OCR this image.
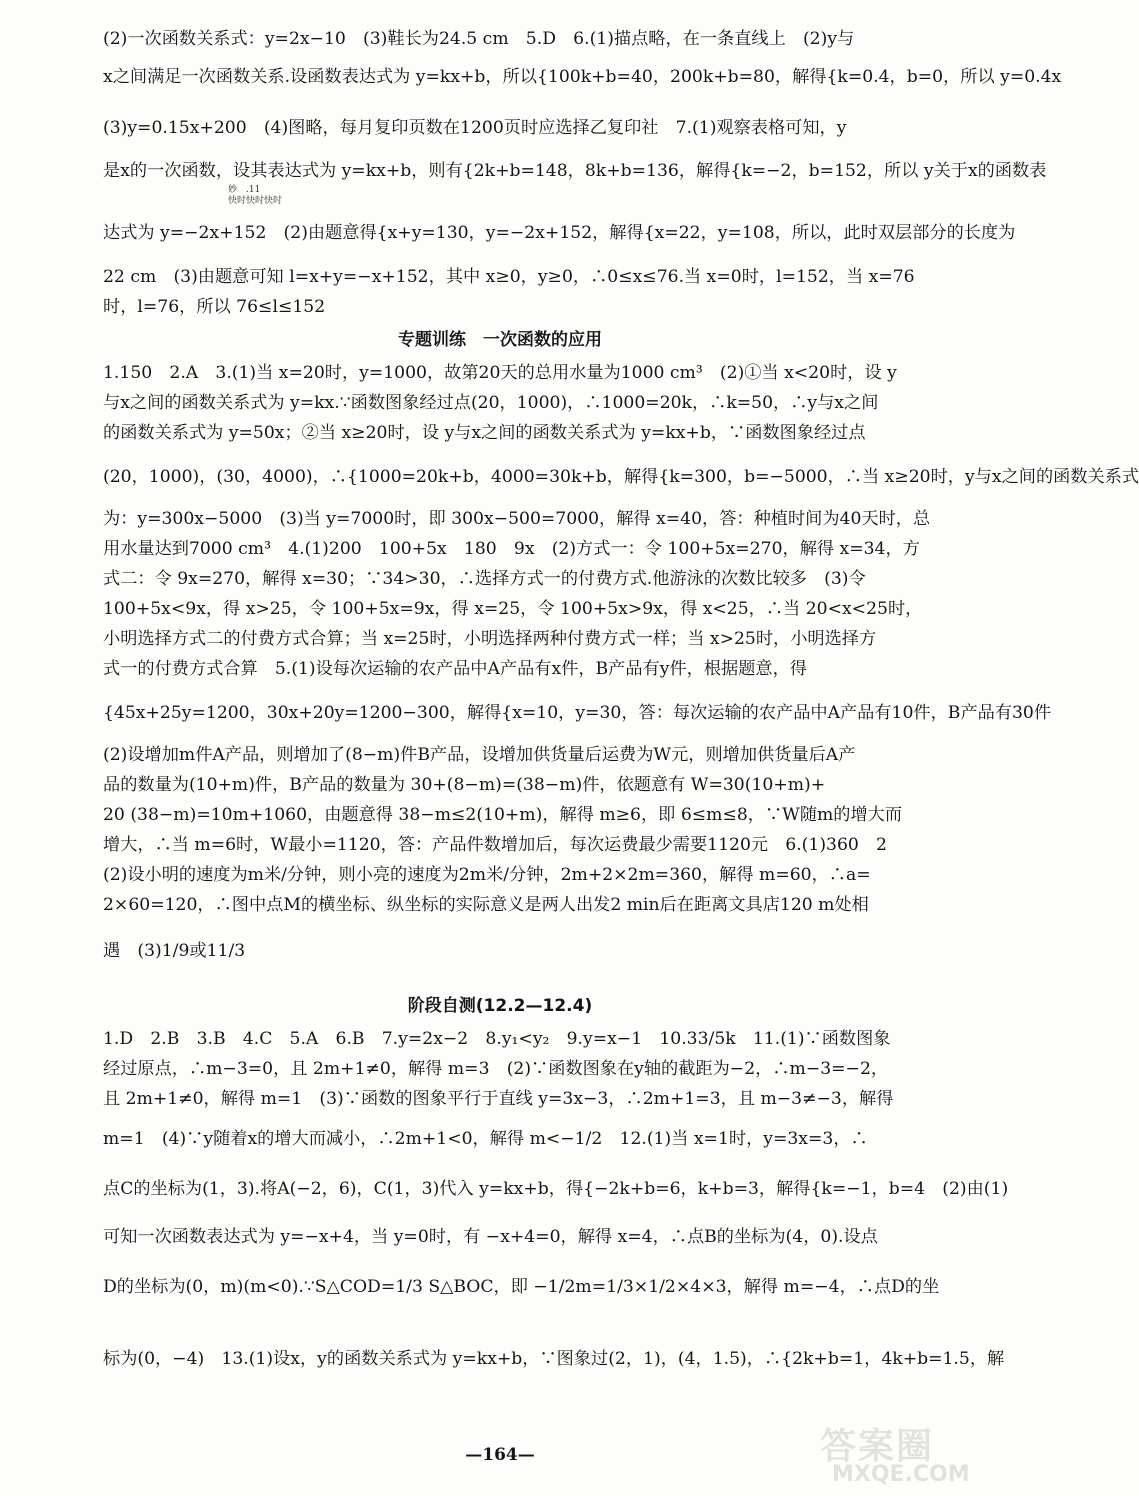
(2)一次函数关系式：y=2x−10　(3)鞋长为24.5 cm　5.D　6.(1)描点略，在一条直线上　(2)y与
x之间满足一次函数关系.设函数表达式为 y=kx+b，所以{100k+b=40，200k+b=80，解得{k=0.4，b=0，所以 y=0.4x
(3)y=0.15x+200　(4)图略，每月复印页数在1200页时应选择乙复印社　7.(1)观察表格可知，y
是x的一次函数，设其表达式为 y=kx+b，则有{2k+b=148，8k+b=136，解得{k=−2，b=152，所以 y关于x的函数表
达式为 y=−2x+152　(2)由题意得{x+y=130，y=−2x+152，解得{x=22，y=108，所以，此时双层部分的长度为
22 cm　(3)由题意可知 l=x+y=−x+152，其中 x≥0，y≥0，∴0≤x≤76.当 x=0时，l=152，当 x=76
时，l=76，所以 76≤l≤152
1.150　2.A　3.(1)当 x=20时，y=1000，故第20天的总用水量为1000 cm³　(2)①当 x<20时，设 y
与x之间的函数关系式为 y=kx.∵函数图象经过点(20，1000)，∴1000=20k，∴k=50，∴y与x之间
的函数关系式为 y=50x；②当 x≥20时，设 y与x之间的函数关系式为 y=kx+b，∵函数图象经过点
(20，1000)，(30，4000)，∴{1000=20k+b，4000=30k+b，解得{k=300，b=−5000，∴当 x≥20时，y与x之间的函数关系式
为：y=300x−5000　(3)当 y=7000时，即 300x−500=7000，解得 x=40，答：种植时间为40天时，总
用水量达到7000 cm³　4.(1)200　100+5x　180　9x　(2)方式一：令 100+5x=270，解得 x=34，方
式二：令 9x=270，解得 x=30；∵34>30，∴选择方式一的付费方式.他游泳的次数比较多　(3)令
100+5x<9x，得 x>25，令 100+5x=9x，得 x=25，令 100+5x>9x，得 x<25，∴当 20<x<25时，
小明选择方式二的付费方式合算；当 x=25时，小明选择两种付费方式一样；当 x>25时，小明选择方
式一的付费方式合算　5.(1)设每次运输的农产品中A产品有x件，B产品有y件，根据题意，得
{45x+25y=1200，30x+20y=1200−300，解得{x=10，y=30，答：每次运输的农产品中A产品有10件，B产品有30件
(2)设增加m件A产品，则增加了(8−m)件B产品，设增加供货量后运费为W元，则增加供货量后A产
品的数量为(10+m)件，B产品的数量为 30+(8−m)=(38−m)件，依题意有 W=30(10+m)+
20 (38−m)=10m+1060，由题意得 38−m≤2(10+m)，解得 m≥6，即 6≤m≤8，∵W随m的增大而
增大，∴当 m=6时，W最小=1120，答：产品件数增加后，每次运费最少需要1120元　6.(1)360　2
(2)设小明的速度为m米/分钟，则小亮的速度为2m米/分钟，2m+2×2m=360，解得 m=60，∴a=
2×60=120，∴图中点M的横坐标、纵坐标的实际意义是两人出发2 min后在距离文具店120 m处相
遇　(3)1/9或11/3
1.D　2.B　3.B　4.C　5.A　6.B　7.y=2x−2　8.y₁<y₂　9.y=x−1　10.33/5k　11.(1)∵函数图象
经过原点，∴m−3=0，且 2m+1≠0，解得 m=3　(2)∵函数图象在y轴的截距为−2，∴m−3=−2，
且 2m+1≠0，解得 m=1　(3)∵函数的图象平行于直线 y=3x−3，∴2m+1=3，且 m−3≠−3，解得
m=1　(4)∵y随着x的增大而减小，∴2m+1<0，解得 m<−1/2　12.(1)当 x=1时，y=3x=3，∴
点C的坐标为(1，3).将A(−2，6)，C(1，3)代入 y=kx+b，得{−2k+b=6，k+b=3，解得{k=−1，b=4　(2)由(1)
可知一次函数表达式为 y=−x+4，当 y=0时，有 −x+4=0，解得 x=4，∴点B的坐标为(4，0).设点
D的坐标为(0，m)(m<0).∵S△COD=1/3 S△BOC，即 −1/2m=1/3×1/2×4×3，解得 m=−4，∴点D的坐
标为(0，−4)　13.(1)设x，y的函数关系式为 y=kx+b，∵图象过(2，1)，(4，1.5)，∴{2k+b=1，4k+b=1.5，解
专题训练　一次函数的应用
阶段自测(12.2—12.4)
妙　.11
快时快时快时
—164—	答案圈
MXQE.COM
